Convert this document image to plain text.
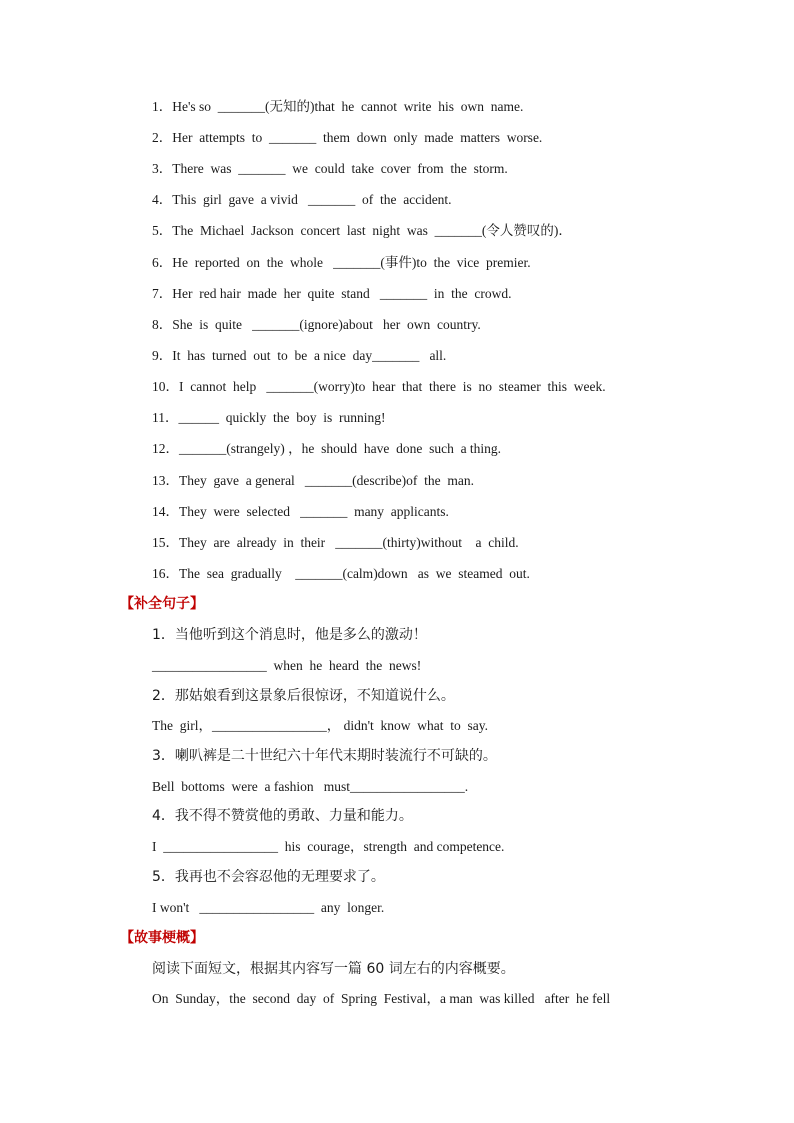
1．He's so  _______(无知的)that  he  cannot  write  his  own  name.
2．Her  attempts  to  _______  them  down  only  made  matters  worse.
3．There  was  _______  we  could  take  cover  from  the  storm.
4．This  girl  gave  a vivid   _______  of  the  accident.
5．The  Michael  Jackson  concert  last  night  was  _______(令人赞叹的)．
6．He  reported  on  the  whole   _______(事件)to  the  vice  premier.
7．Her  red hair  made  her  quite  stand   _______  in  the  crowd.
8．She  is  quite   _______(ignore)about   her  own  country.
9．It  has  turned  out  to  be  a nice  day_______   all.
10．I  cannot  help   _______(worry)to  hear  that  there  is  no  steamer  this  week.
11．______  quickly  the  boy  is  running!
12．_______(strangely) ，he  should  have  done  such  a thing.
13．They  gave  a general   _______(describe)of  the  man.
14．They  were  selected   _______  many  applicants.
15．They  are  already  in  their   _______(thirty)without    a  child.
16．The  sea  gradually    _______(calm)down   as  we  steamed  out.
【补全句子】
1．当他听到这个消息时，他是多么的激动！
_________________  when  he  heard  the  news!
2．那姑娘看到这景象后很惊讶，不知道说什么。
The  girl，_________________， didn't  know  what  to  say.
3．喇叭裤是二十世纪六十年代末期时装流行不可缺的。
Bell  bottoms  were  a fashion   must_________________.
4．我不得不赞赏他的勇敢、力量和能力。
I  _________________  his  courage，strength  and competence.
5．我再也不会容忍他的无理要求了。
I won't   _________________  any  longer.
【故事梗概】
阅读下面短文，根据其内容写一篇 60 词左右的内容概要。
On  Sunday，the  second  day  of  Spring  Festival，a man  was killed   after  he fell
